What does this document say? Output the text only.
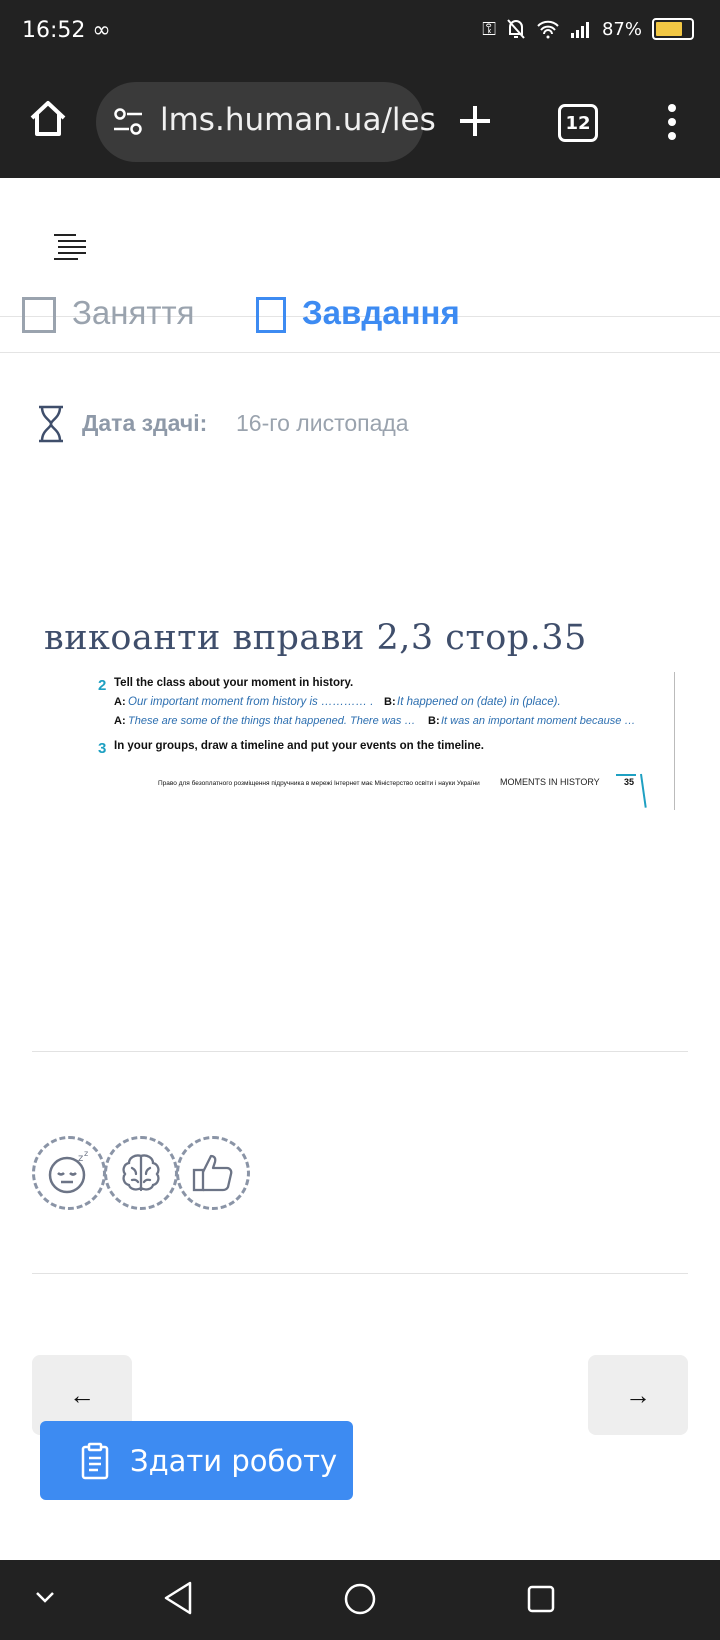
16:52 ∞	⚿	87%
lms.human.ua/les	12
Заняття	Завдання
Дата здачі: 16-го листопада
викоанти вправи 2,3 стор.35
2 Tell the class about your moment in history.
A: Our important moment from history is ………… . B: It happened on (date) in (place).
A: These are some of the things that happened. There was … B: It was an important moment because …
3 In your groups, draw a timeline and put your events on the timeline.
Право для безоплатного розміщення підручника в мережі Інтернет має Міністерство освіти і науки України MOMENTS IN HISTORY	35
z z
←	→
Здати роботу
